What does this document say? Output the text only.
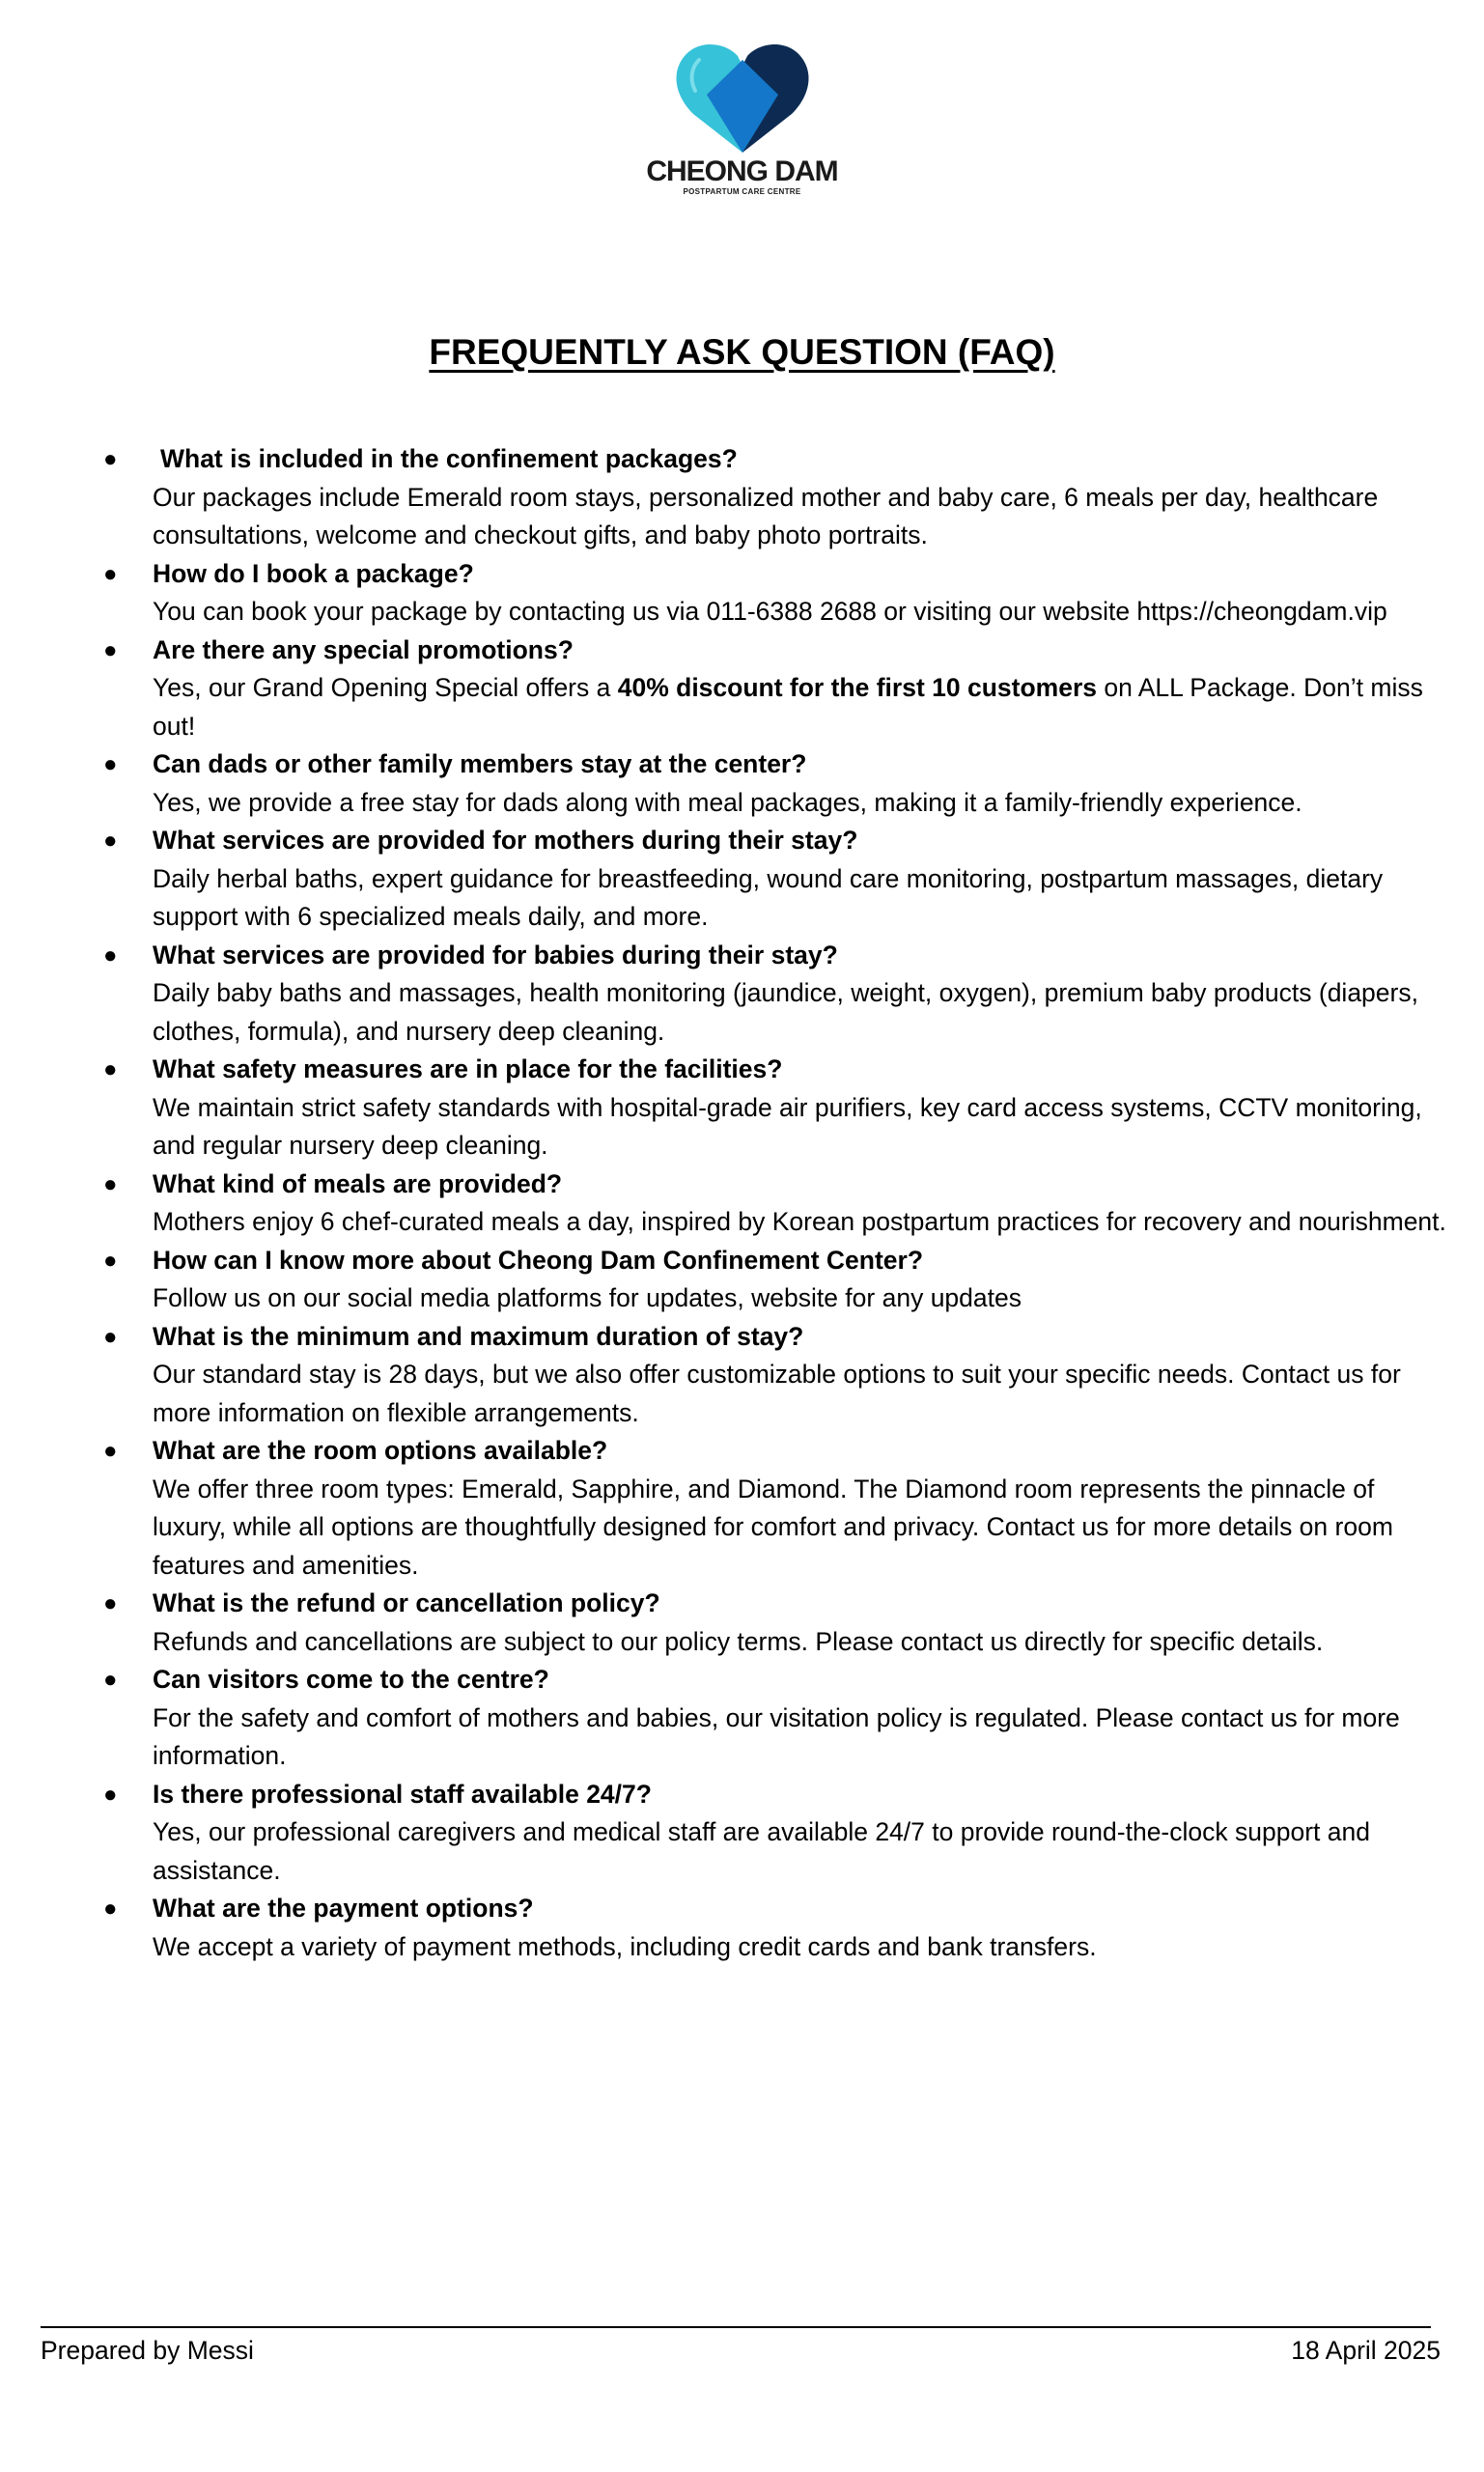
CHEONG DAM
POSTPARTUM CARE CENTRE
FREQUENTLY ASK QUESTION (FAQ)
●	What is included in the confinement packages?
Our packages include Emerald room stays, personalized mother and baby care, 6 meals per day, healthcare consultations, welcome and checkout gifts, and baby photo portraits.
● How do I book a package?
You can book your package by contacting us via 011-6388 2688 or visiting our website https://cheongdam.vip
● Are there any special promotions?
Yes, our Grand Opening Special offers a 40% discount for the first 10 customers on ALL Package. Don’t miss out!
● Can dads or other family members stay at the center?
Yes, we provide a free stay for dads along with meal packages, making it a family-friendly experience.
● What services are provided for mothers during their stay?
Daily herbal baths, expert guidance for breastfeeding, wound care monitoring, postpartum massages, dietary support with 6 specialized meals daily, and more.
● What services are provided for babies during their stay?
Daily baby baths and massages, health monitoring (jaundice, weight, oxygen), premium baby products (diapers, clothes, formula), and nursery deep cleaning.
● What safety measures are in place for the facilities?
We maintain strict safety standards with hospital-grade air purifiers, key card access systems, CCTV monitoring, and regular nursery deep cleaning.
● What kind of meals are provided?
Mothers enjoy 6 chef-curated meals a day, inspired by Korean postpartum practices for recovery and nourishment.
● How can I know more about Cheong Dam Confinement Center?
Follow us on our social media platforms for updates, website for any updates
● What is the minimum and maximum duration of stay?
Our standard stay is 28 days, but we also offer customizable options to suit your specific needs. Contact us for more information on flexible arrangements.
● What are the room options available?
We offer three room types: Emerald, Sapphire, and Diamond. The Diamond room represents the pinnacle of luxury, while all options are thoughtfully designed for comfort and privacy. Contact us for more details on room features and amenities.
● What is the refund or cancellation policy?
Refunds and cancellations are subject to our policy terms. Please contact us directly for specific details.
● Can visitors come to the centre?
For the safety and comfort of mothers and babies, our visitation policy is regulated. Please contact us for more information.
● Is there professional staff available 24/7?
Yes, our professional caregivers and medical staff are available 24/7 to provide round-the-clock support and assistance.
● What are the payment options?
We accept a variety of payment methods, including credit cards and bank transfers.
Prepared by Messi	18 April 2025
